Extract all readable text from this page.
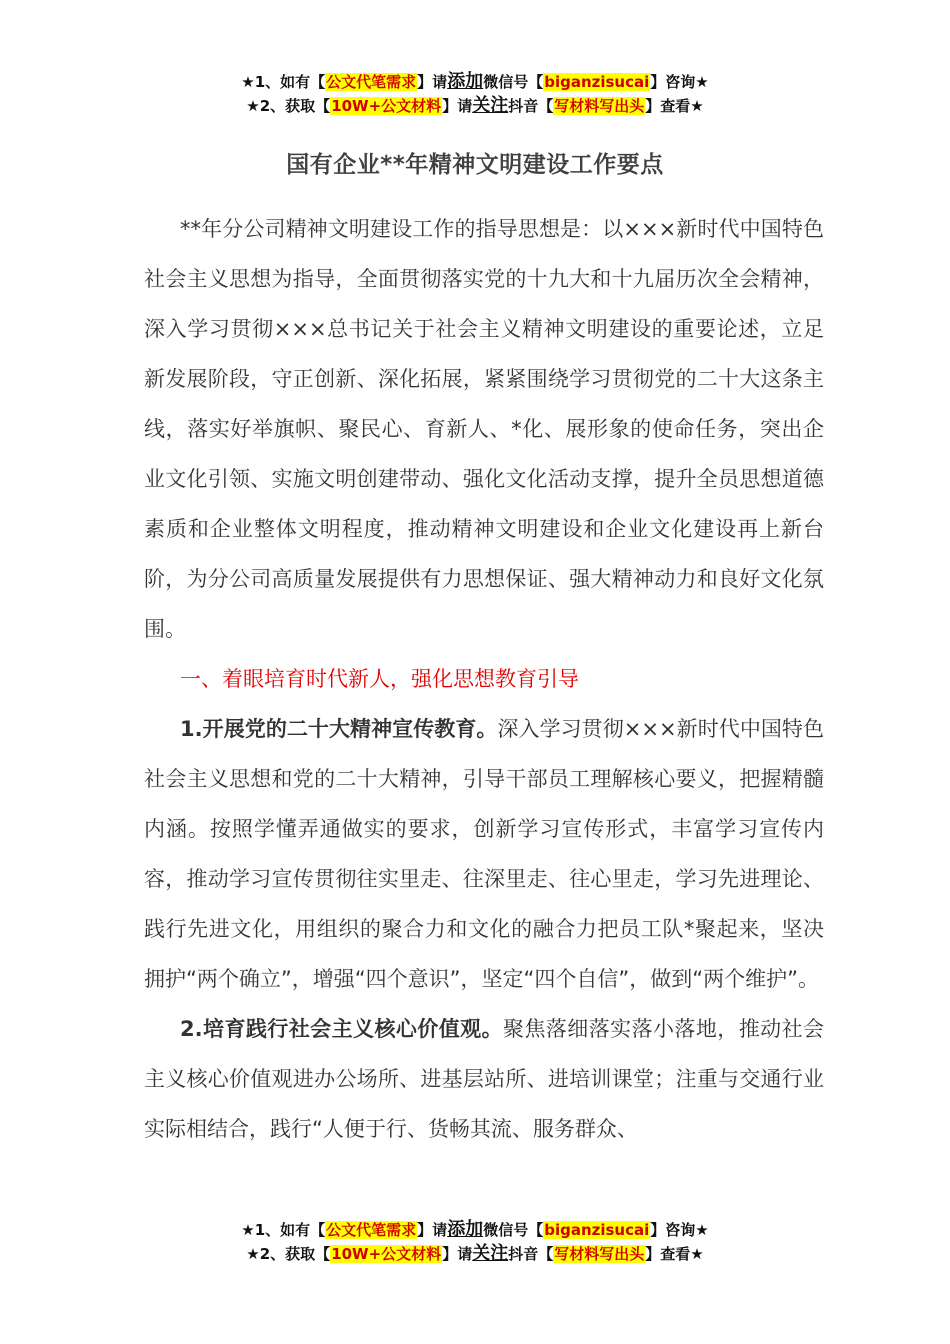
★1、如有【公文代笔需求】请添加微信号【biganzisucai】咨询★
★2、获取【10W+公文材料】请关注抖音【写材料写出头】查看★
国有企业**年精神文明建设工作要点

**年分公司精神文明建设工作的指导思想是：以×××新时代中国特色社会主义思想为指导，全面贯彻落实党的十九大和十九届历次全会精神，深入学习贯彻×××总书记关于社会主义精神文明建设的重要论述，立足新发展阶段，守正创新、深化拓展，紧紧围绕学习贯彻党的二十大这条主线，落实好举旗帜、聚民心、育新人、*化、展形象的使命任务，突出企业文化引领、实施文明创建带动、强化文化活动支撑，提升全员思想道德素质和企业整体文明程度，推动精神文明建设和企业文化建设再上新台阶，为分公司高质量发展提供有力思想保证、强大精神动力和良好文化氛围。

一、着眼培育时代新人，强化思想教育引导

1.开展党的二十大精神宣传教育。深入学习贯彻×××新时代中国特色社会主义思想和党的二十大精神，引导干部员工理解核心要义，把握精髓内涵。按照学懂弄通做实的要求，创新学习宣传形式，丰富学习宣传内容，推动学习宣传贯彻往实里走、往深里走、往心里走，学习先进理论、践行先进文化，用组织的聚合力和文化的融合力把员工队*聚起来，坚决拥护“两个确立”，增强“四个意识”，坚定“四个自信”，做到“两个维护”。

2.培育践行社会主义核心价值观。聚焦落细落实落小落地，推动社会主义核心价值观进办公场所、进基层站所、进培训课堂；注重与交通行业实际相结合，践行“人便于行、货畅其流、服务群众、

★1、如有【公文代笔需求】请添加微信号【biganzisucai】咨询★
★2、获取【10W+公文材料】请关注抖音【写材料写出头】查看★
